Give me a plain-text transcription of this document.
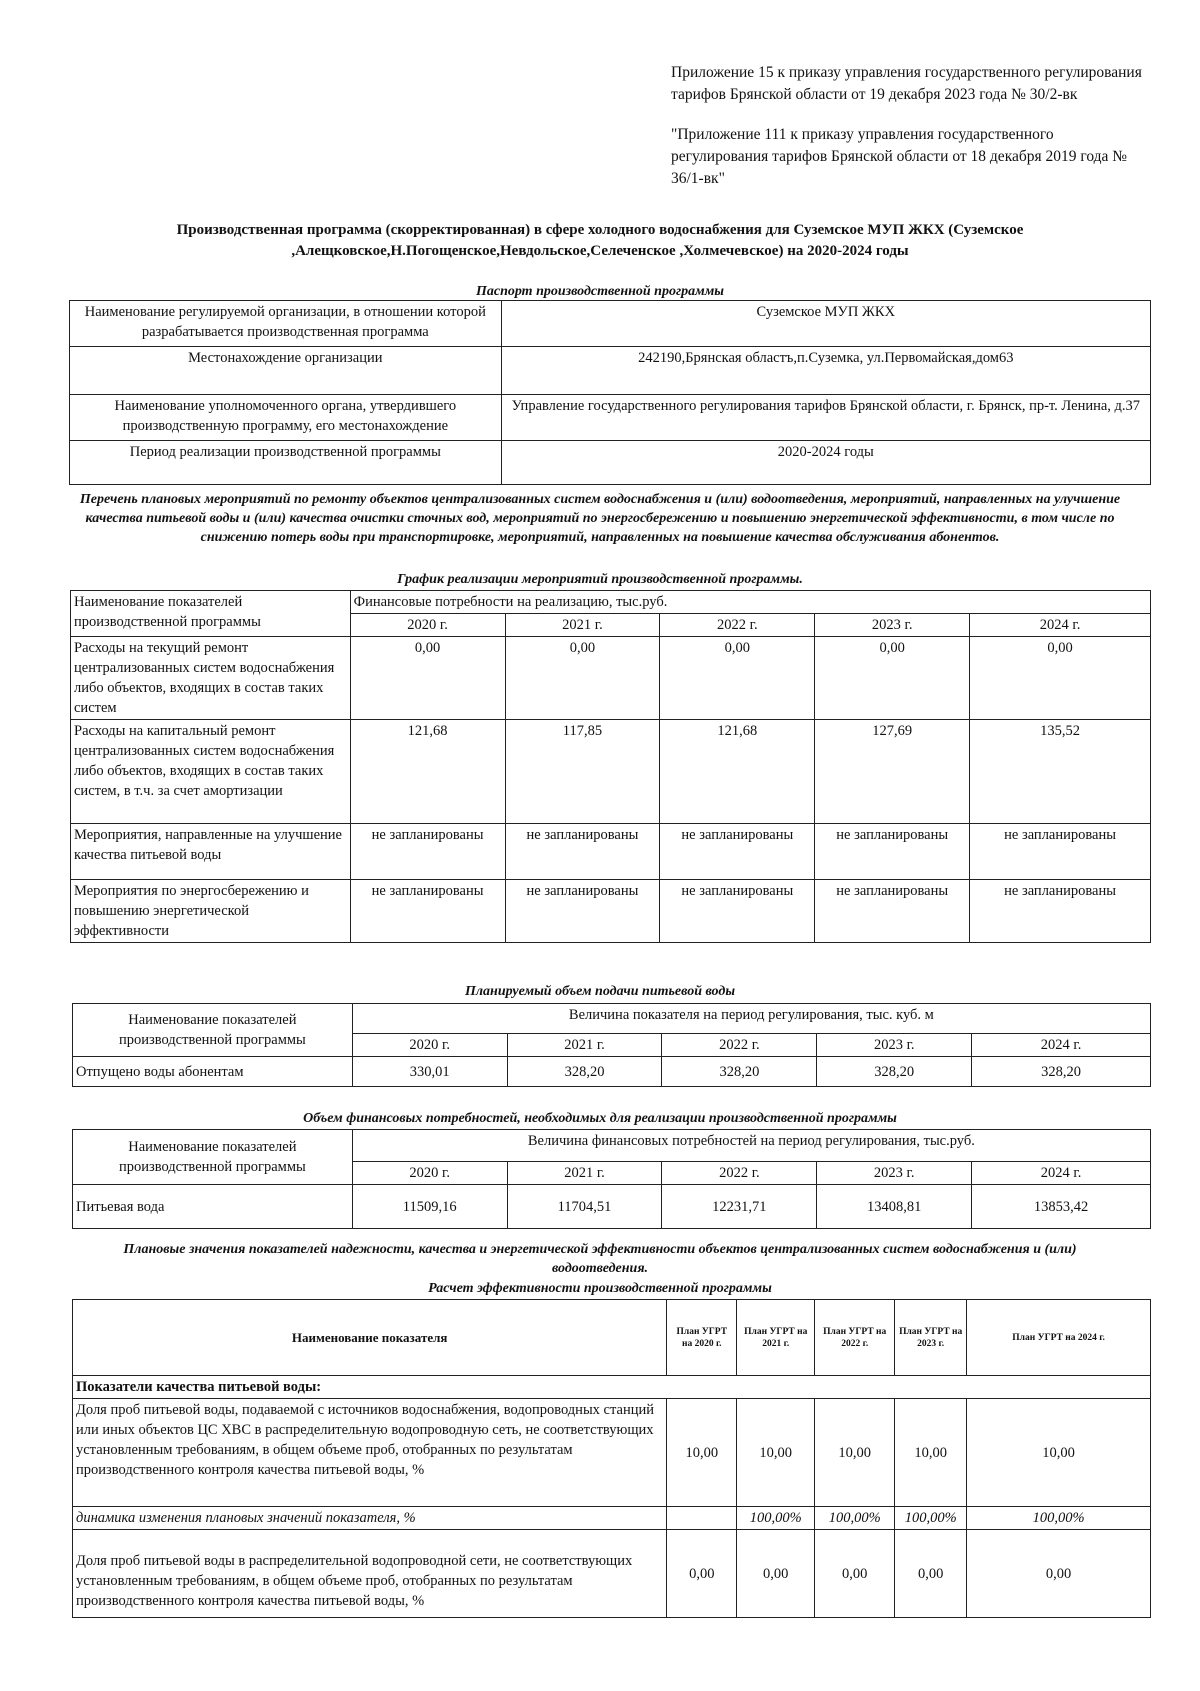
Приложение 15 к приказу управления государственного регулирования тарифов Брянской области от 19 декабря 2023 года № 30/2-вк

"Приложение 111 к приказу управления государственного регулирования тарифов Брянской области от 18 декабря 2019 года № 36/1-вк"

Производственная программа (скорректированная) в сфере холодного водоснабжения для Суземское МУП ЖКХ (Суземское ,Алещковское,Н.Погощенское,Невдольское,Селеченское ,Холмечевское) на 2020-2024 годы
Паспорт производственной программы
Наименование регулируемой организации, в отношении которой разрабатывается производственная программа	Суземское МУП ЖКХ
Местонахождение организации	242190,Брянская областъ,п.Суземка, ул.Первомайская,дом63
Наименование уполномоченного органа, утвердившего производственную программу, его местонахождение	Управление государственного регулирования тарифов Брянской области, г. Брянск, пр-т. Ленина, д.37
Период реализации производственной программы	2020-2024 годы
Перечень плановых мероприятий по ремонту объектов централизованных систем водоснабжения и (или) водоотведения, мероприятий, направленных на улучшение качества питьевой воды и (или) качества очистки сточных вод, мероприятий по энергосбережению и повышению энергетической эффективности, в том числе по снижению потерь воды при транспортировке, мероприятий, направленных на повышение качества обслуживания абонентов.
График реализации мероприятий производственной программы.
Наименование показателей производственной программы	Финансовые потребности на реализацию, тыс.руб.				
	2020 г.	2021 г.	2022 г.	2023 г.	2024 г.
Расходы на текущий ремонт централизованных систем водоснабжения либо объектов, входящих в состав таких систем	0,00	0,00	0,00	0,00	0,00
Расходы на капитальный ремонт централизованных систем водоснабжения либо объектов, входящих в состав таких систем, в т.ч. за счет амортизации	121,68	117,85	121,68	127,69	135,52
Мероприятия, направленные на улучшение качества питьевой воды	не запланированы	не запланированы	не запланированы	не запланированы	не запланированы
Мероприятия по энергосбережению и повышению энергетической эффективности	не запланированы	не запланированы	не запланированы	не запланированы	не запланированы
Планируемый объем подачи питьевой воды
Наименование показателей производственной программы	Величина показателя на период регулирования, тыс. куб. м				
	2020 г.	2021 г.	2022 г.	2023 г.	2024 г.
Отпущено воды абонентам	330,01	328,20	328,20	328,20	328,20
Объем финансовых потребностей, необходимых для реализации производственной программы
Наименование показателей производственной программы	Величина финансовых потребностей на период регулирования, тыс.руб.				
	2020 г.	2021 г.	2022 г.	2023 г.	2024 г.
Питьевая вода	11509,16	11704,51	12231,71	13408,81	13853,42
Плановые значения показателей надежности, качества и энергетической эффективности объектов централизованных систем водоснабжения и (или) водоотведения.
Расчет эффективности производственной программы
Наименование показателя	План УГРТ на 2020 г.	План УГРТ на 2021 г.	План УГРТ на 2022 г.	План УГРТ на 2023 г.	План УГРТ на 2024 г.
Показатели качества питьевой воды:					
Доля проб питьевой воды, подаваемой с источников водоснабжения, водопроводных станций или иных объектов ЦС ХВС в распределительную водопроводную сеть, не соответствующих установленным требованиям, в общем объеме проб, отобранных по результатам производственного контроля качества питьевой воды, %	10,00	10,00	10,00	10,00	10,00
динамика изменения плановых значений показателя, %		100,00%	100,00%	100,00%	100,00%
Доля проб питьевой воды в распределительной водопроводной сети, не соответствующих установленным требованиям, в общем объеме проб, отобранных по результатам производственного контроля качества питьевой воды, %	0,00	0,00	0,00	0,00	0,00
